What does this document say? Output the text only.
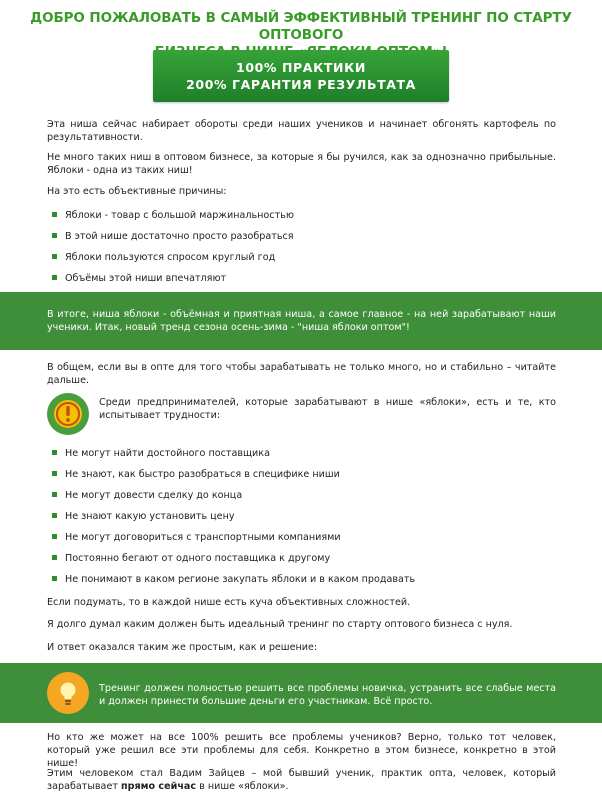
ДОБРО ПОЖАЛОВАТЬ В САМЫЙ ЭФФЕКТИВНЫЙ ТРЕНИНГ ПО СТАРТУ ОПТОВОГО
100% ПРАКТИКИ
200% ГАРАНТИЯ РЕЗУЛЬТАТА
Эта ниша сейчас набирает обороты среди наших учеников и начинает обгонять картофель по результативности.
Не много таких ниш в оптовом бизнесе, за которые я бы ручился, как за однозначно прибыльные. Яблоки - одна из таких ниш!
На это есть объективные причины:
Яблоки - товар с большой маржинальностью
В этой нише достаточно просто разобраться
Яблоки пользуются спросом круглый год
Объёмы этой ниши впечатляют
В итоге, ниша яблоки - объёмная и приятная ниша, а самое главное - на ней зарабатывают наши ученики. Итак, новый тренд сезона осень-зима - "ниша яблоки оптом"!
В общем, если вы в опте для того чтобы зарабатывать не только много, но и стабильно – читайте дальше.
Среди предпринимателей, которые зарабатывают в нише «яблоки», есть и те, кто испытывает трудности:
Не могут найти достойного поставщика
Не знают, как быстро разобраться в специфике ниши
Не могут довести сделку до конца
Не знают какую установить цену
Не могут договориться с транспортными компаниями
Постоянно бегают от одного поставщика к другому
Не понимают в каком регионе закупать яблоки и в каком продавать
Если подумать, то в каждой нише есть куча объективных сложностей.
Я долго думал каким должен быть идеальный тренинг по старту оптового бизнеса с нуля.
И ответ оказался таким же простым, как и решение:
Тренинг должен полностью решить все проблемы новичка, устранить все слабые места и должен принести большие деньги его участникам. Всё просто.
Но кто же может на все 100% решить все проблемы учеников? Верно, только тот человек, который уже решил все эти проблемы для себя. Конкретно в этом бизнесе, конкретно в этой нише!
Этим человеком стал Вадим Зайцев – мой бывший ученик, практик опта, человек, который зарабатывает прямо сейчас в нише «яблоки».
